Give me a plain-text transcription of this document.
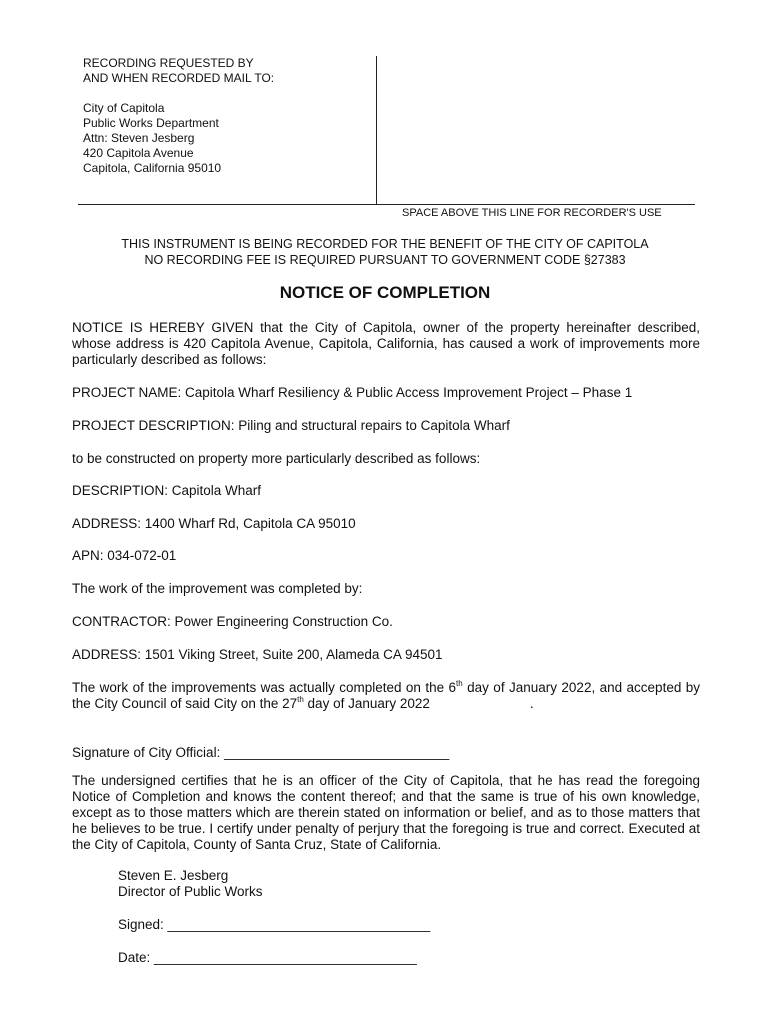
RECORDING REQUESTED BY
AND WHEN RECORDED MAIL TO:
City of Capitola
Public Works Department
Attn: Steven Jesberg
420 Capitola Avenue
Capitola, California 95010
SPACE ABOVE THIS LINE FOR RECORDER'S USE
THIS INSTRUMENT IS BEING RECORDED FOR THE BENEFIT OF THE CITY OF CAPITOLA
NO RECORDING FEE IS REQUIRED PURSUANT TO GOVERNMENT CODE §27383
NOTICE OF COMPLETION
NOTICE IS HEREBY GIVEN that the City of Capitola, owner of the property hereinafter described, whose address is 420 Capitola Avenue, Capitola, California, has caused a work of improvements more particularly described as follows:
PROJECT NAME: Capitola Wharf Resiliency & Public Access Improvement Project – Phase 1
PROJECT DESCRIPTION: Piling and structural repairs to Capitola Wharf
to be constructed on property more particularly described as follows:
DESCRIPTION: Capitola Wharf
ADDRESS: 1400 Wharf Rd, Capitola CA 95010
APN: 034-072-01
The work of the improvement was completed by:
CONTRACTOR: Power Engineering Construction Co.
ADDRESS: 1501 Viking Street, Suite 200, Alameda CA 94501
The work of the improvements was actually completed on the 6th day of January 2022, and accepted by the City Council of said City on the 27th day of January 2022	.
Signature of City Official: ______________________________
The undersigned certifies that he is an officer of the City of Capitola, that he has read the foregoing Notice of Completion and knows the content thereof; and that the same is true of his own knowledge, except as to those matters which are therein stated on information or belief, and as to those matters that he believes to be true. I certify under penalty of perjury that the foregoing is true and correct. Executed at the City of Capitola, County of Santa Cruz, State of California.
Steven E. Jesberg
Director of Public Works
Signed: ___________________________________
Date: ___________________________________
